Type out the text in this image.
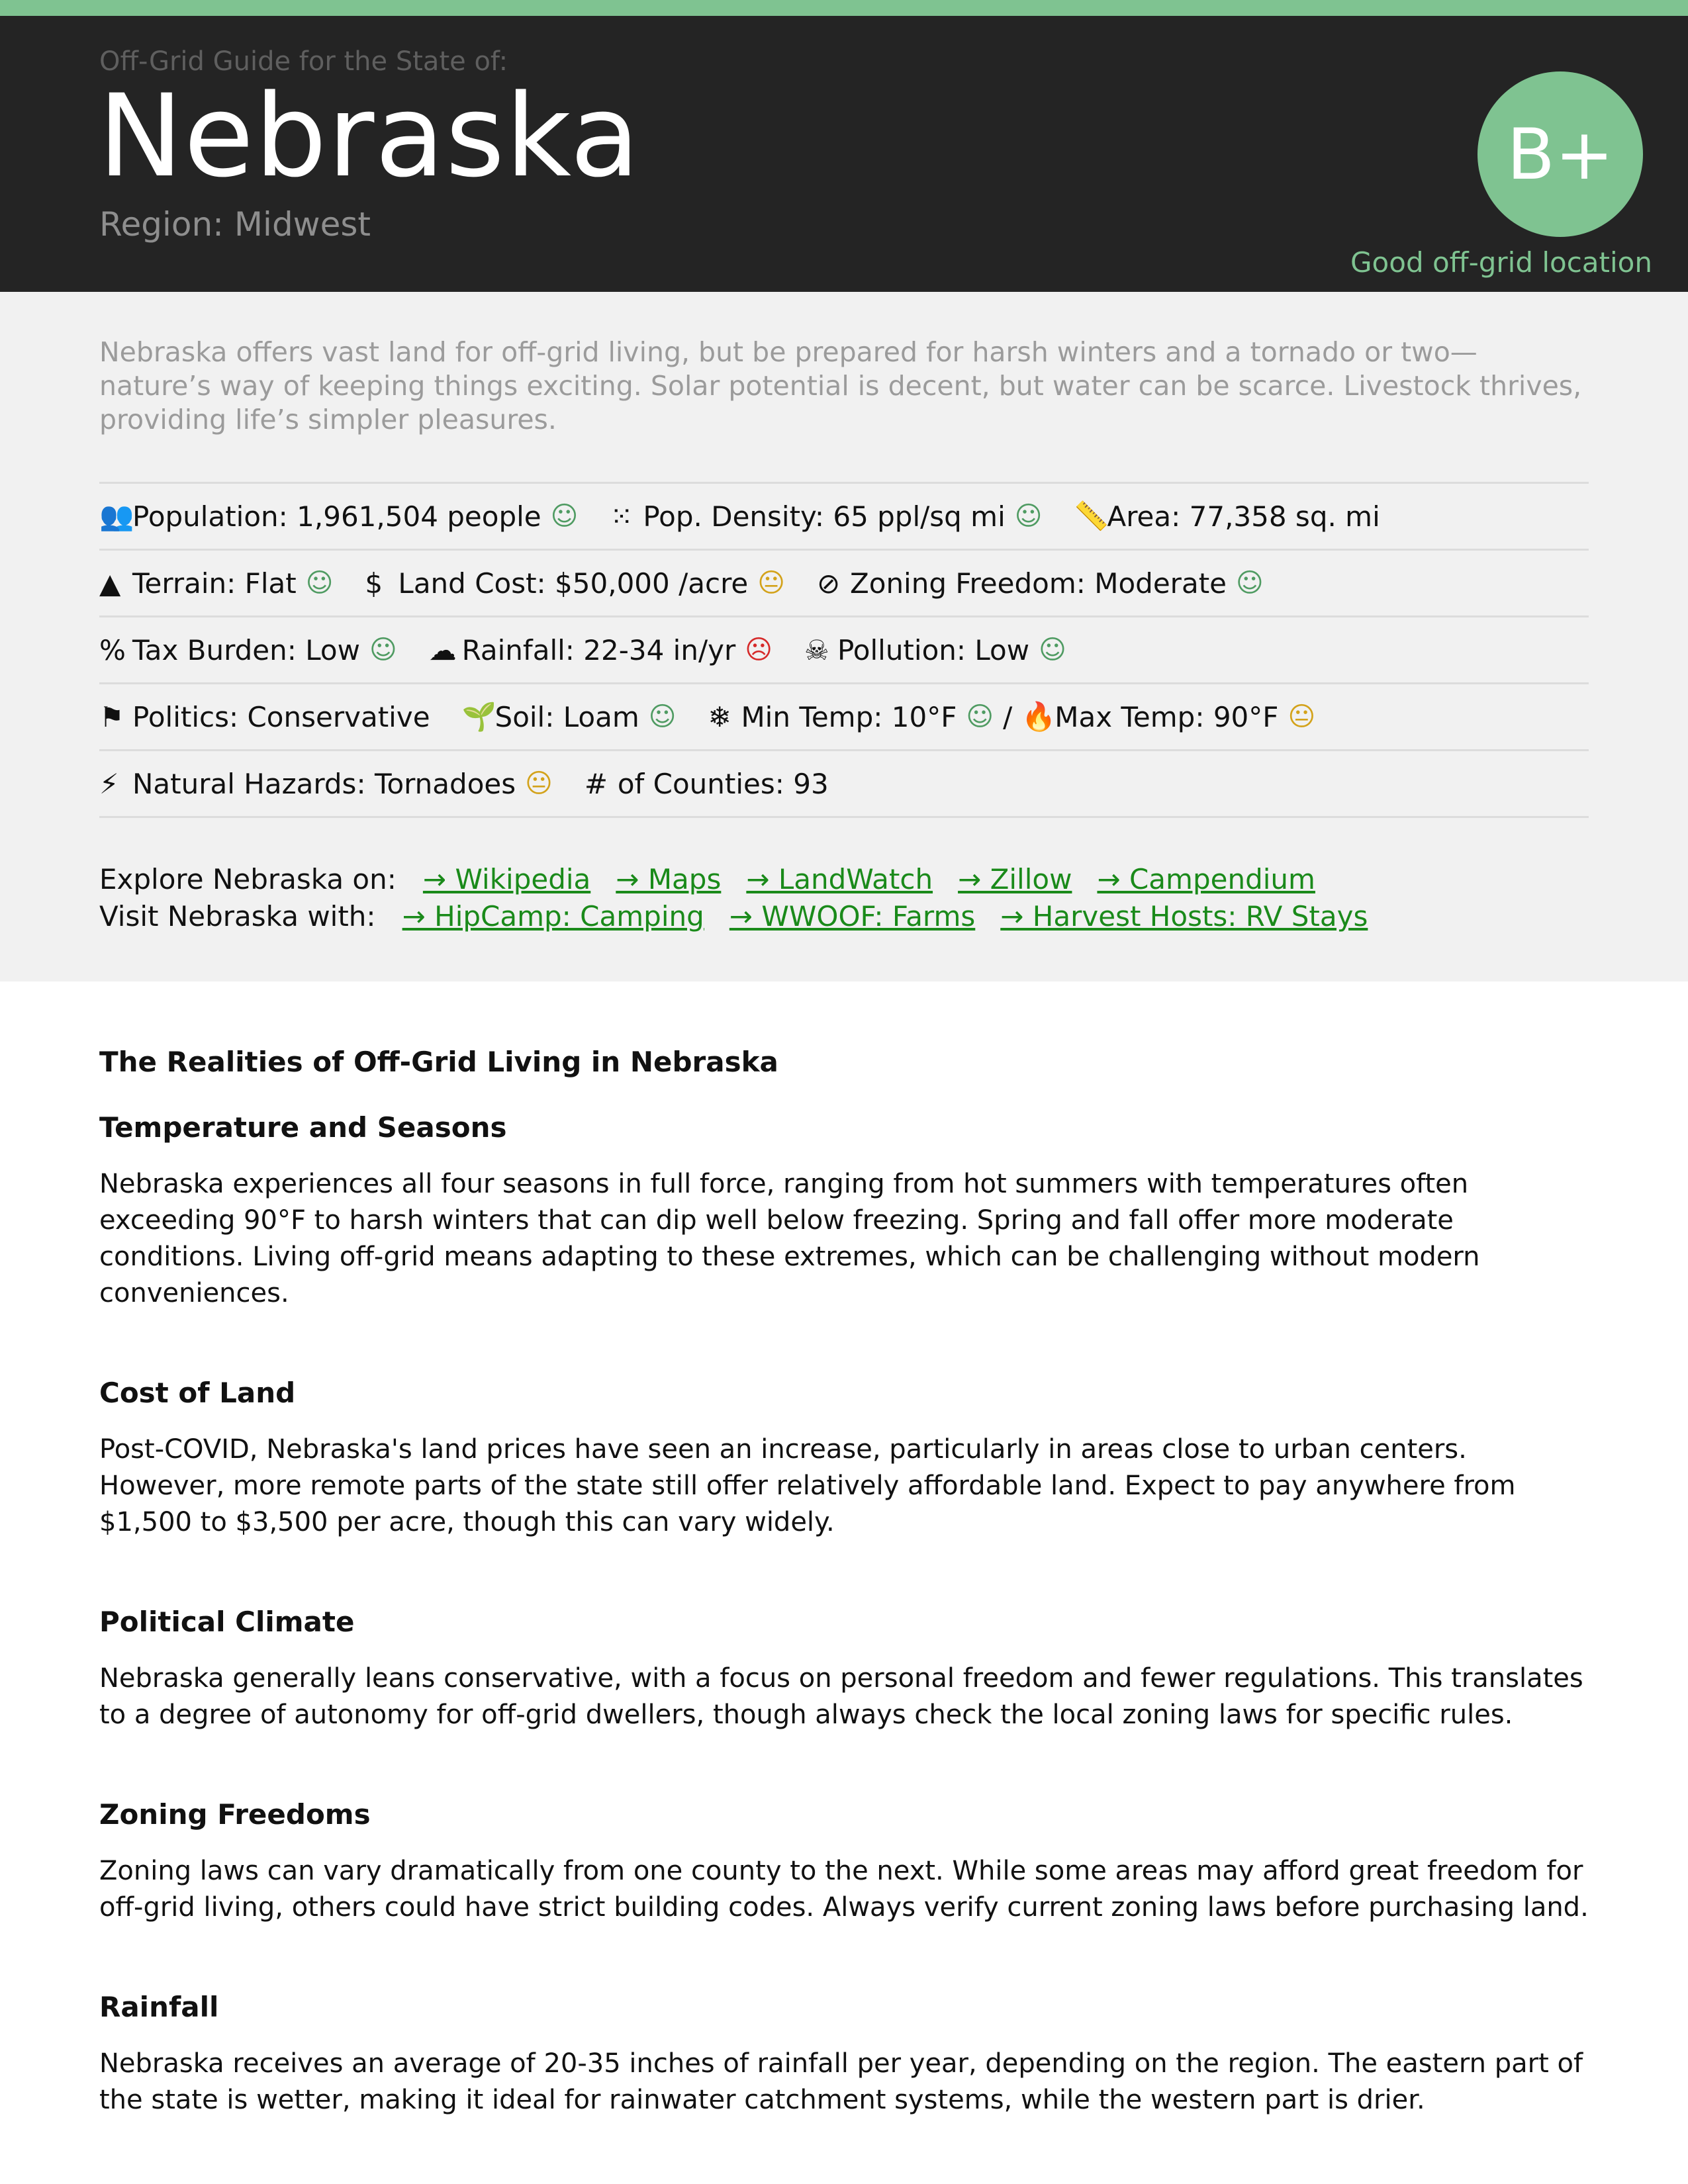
Off-Grid Guide for the State of:
Nebraska
Region: Midwest
B+
Good off-grid location
Nebraska offers vast land for off-grid living, but be prepared for harsh winters and a tornado or two—nature’s way of keeping things exciting. Solar potential is decent, but water can be scarce. Livestock thrives, providing life’s simpler pleasures.
👥
Population: 1,961,504 people ☺ ⁙ Pop. Density: 65 ppl/sq mi ☺ 📏
Area: 77,358 sq. mi
▲ Terrain: Flat ☺ $ Land Cost: $50,000 /acre 😐 ⊘ Zoning Freedom: Moderate ☺
% Tax Burden: Low ☺ ☁ Rainfall: 22-34 in/yr ☹ ☠ Pollution: Low ☺
⚑ Politics: Conservative 🌱
Soil: Loam ☺ ❄ Min Temp: 10°F ☺ / 🔥
Max Temp: 90°F 😐
⚡ Natural Hazards: Tornadoes 😐 # of Counties: 93
Explore Nebraska on: → Wikipedia → Maps → LandWatch → Zillow → Campendium
Visit Nebraska with: → HipCamp: Camping → WWOOF: Farms → Harvest Hosts: RV Stays
The Realities of Off-Grid Living in Nebraska
Temperature and Seasons

Nebraska experiences all four seasons in full force, ranging from hot summers with temperatures often exceeding 90°F to harsh winters that can dip well below freezing. Spring and fall offer more moderate conditions. Living off-grid means adapting to these extremes, which can be challenging without modern conveniences.

Cost of Land

Post-COVID, Nebraska's land prices have seen an increase, particularly in areas close to urban centers. However, more remote parts of the state still offer relatively affordable land. Expect to pay anywhere from $1,500 to $3,500 per acre, though this can vary widely.

Political Climate

Nebraska generally leans conservative, with a focus on personal freedom and fewer regulations. This translates to a degree of autonomy for off-grid dwellers, though always check the local zoning laws for specific rules.

Zoning Freedoms

Zoning laws can vary dramatically from one county to the next. While some areas may afford great freedom for off-grid living, others could have strict building codes. Always verify current zoning laws before purchasing land.

Rainfall

Nebraska receives an average of 20-35 inches of rainfall per year, depending on the region. The eastern part of the state is wetter, making it ideal for rainwater catchment systems, while the western part is drier.
